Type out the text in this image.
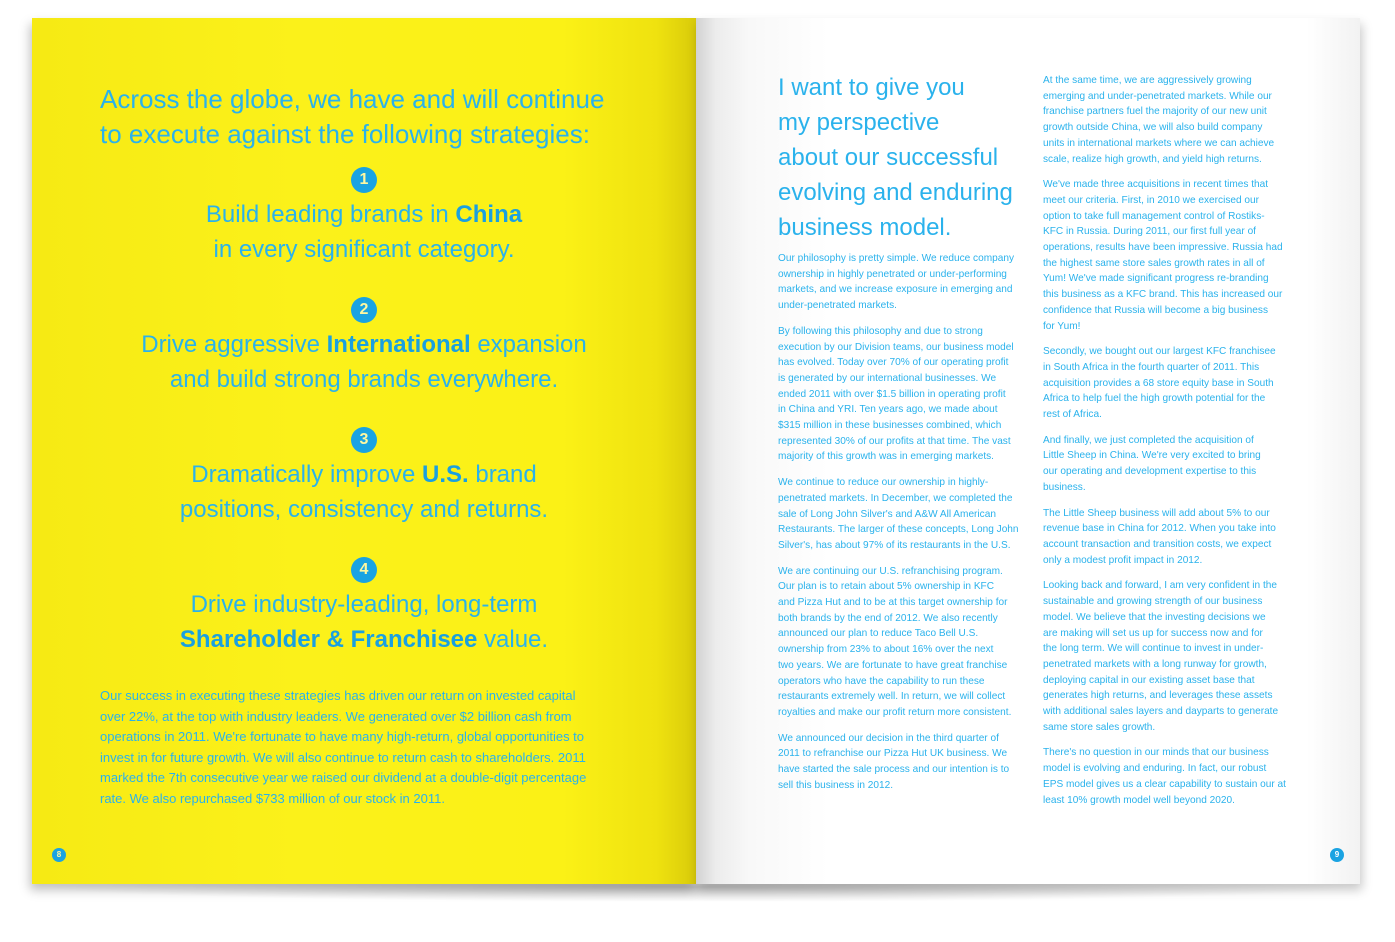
Across the globe, we have and will continue
to execute against the following strategies:
1
Build leading brands in China
in every significant category.
2
Drive aggressive International expansion
and build strong brands everywhere.
3
Dramatically improve U.S. brand
positions, consistency and returns.
4
Drive industry-leading, long-term
Shareholder & Franchisee value.

Our success in executing these strategies has driven our return on invested capital
over 22%, at the top with industry leaders. We generated over $2 billion cash from
operations in 2011. We're fortunate to have many high-return, global opportunities to
invest in for future growth. We will also continue to return cash to shareholders. 2011
marked the 7th consecutive year we raised our dividend at a double-digit percentage
rate. We also repurchased $733 million of our stock in 2011.

8
I want to give you
my perspective
about our successful
evolving and enduring
business model.

Our philosophy is pretty simple. We reduce company
ownership in highly penetrated or under-performing
markets, and we increase exposure in emerging and
under-penetrated markets.

By following this philosophy and due to strong
execution by our Division teams, our business model
has evolved. Today over 70% of our operating profit
is generated by our international businesses. We
ended 2011 with over $1.5 billion in operating profit
in China and YRI. Ten years ago, we made about
$315 million in these businesses combined, which
represented 30% of our profits at that time. The vast
majority of this growth was in emerging markets.

We continue to reduce our ownership in highly-
penetrated markets. In December, we completed the
sale of Long John Silver's and A&W All American
Restaurants. The larger of these concepts, Long John
Silver's, has about 97% of its restaurants in the U.S.

We are continuing our U.S. refranchising program.
Our plan is to retain about 5% ownership in KFC
and Pizza Hut and to be at this target ownership for
both brands by the end of 2012. We also recently
announced our plan to reduce Taco Bell U.S.
ownership from 23% to about 16% over the next
two years. We are fortunate to have great franchise
operators who have the capability to run these
restaurants extremely well. In return, we will collect
royalties and make our profit return more consistent.

We announced our decision in the third quarter of
2011 to refranchise our Pizza Hut UK business. We
have started the sale process and our intention is to
sell this business in 2012.

At the same time, we are aggressively growing
emerging and under-penetrated markets. While our
franchise partners fuel the majority of our new unit
growth outside China, we will also build company
units in international markets where we can achieve
scale, realize high growth, and yield high returns.

We've made three acquisitions in recent times that
meet our criteria. First, in 2010 we exercised our
option to take full management control of Rostiks-
KFC in Russia. During 2011, our first full year of
operations, results have been impressive. Russia had
the highest same store sales growth rates in all of
Yum! We've made significant progress re-branding
this business as a KFC brand. This has increased our
confidence that Russia will become a big business
for Yum!

Secondly, we bought out our largest KFC franchisee
in South Africa in the fourth quarter of 2011. This
acquisition provides a 68 store equity base in South
Africa to help fuel the high growth potential for the
rest of Africa.

And finally, we just completed the acquisition of
Little Sheep in China. We're very excited to bring
our operating and development expertise to this
business.

The Little Sheep business will add about 5% to our
revenue base in China for 2012. When you take into
account transaction and transition costs, we expect
only a modest profit impact in 2012.

Looking back and forward, I am very confident in the
sustainable and growing strength of our business
model. We believe that the investing decisions we
are making will set us up for success now and for
the long term. We will continue to invest in under-
penetrated markets with a long runway for growth,
deploying capital in our existing asset base that
generates high returns, and leverages these assets
with additional sales layers and dayparts to generate
same store sales growth.

There's no question in our minds that our business
model is evolving and enduring. In fact, our robust
EPS model gives us a clear capability to sustain our at
least 10% growth model well beyond 2020.

9
